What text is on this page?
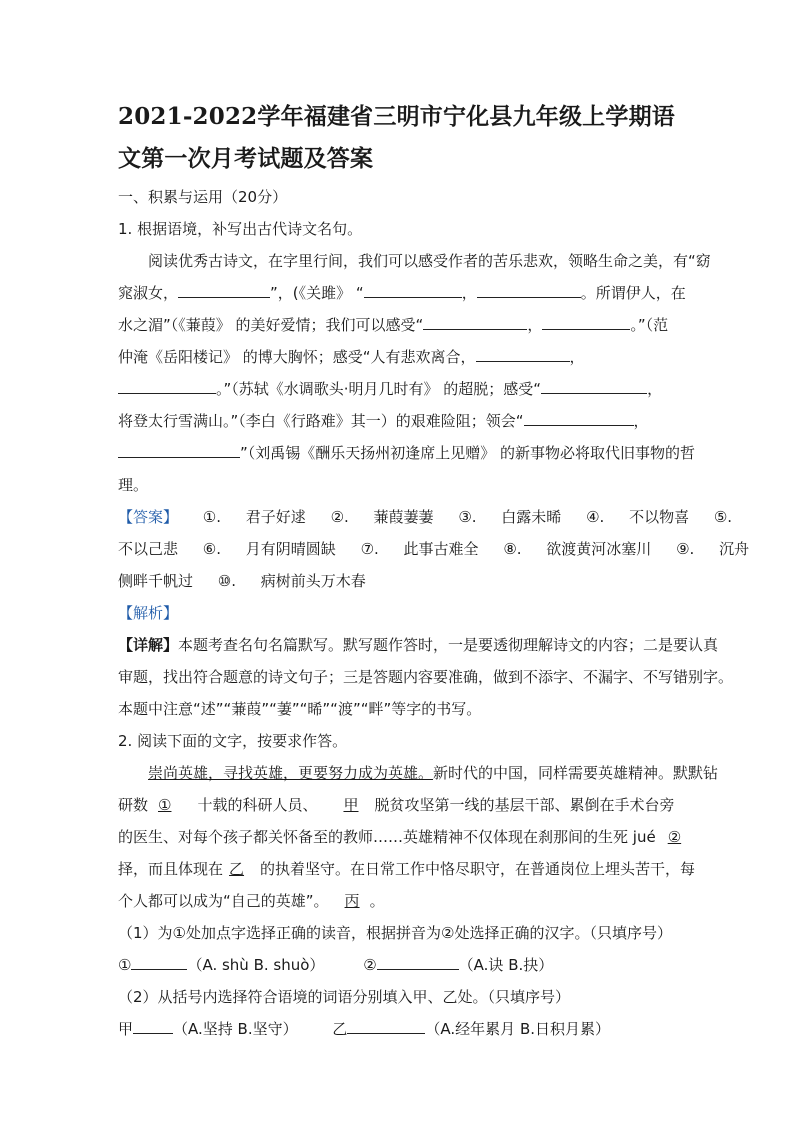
2021-2022学年福建省三明市宁化县九年级上学期语文第一次月考试题及答案
一、积累与运用（20分）
1. 根据语境，补写出古代诗文名句。
阅读优秀古诗文，在字里行间，我们可以感受作者的苦乐悲欢，领略生命之美，有“窈
窕淑女，	”，(《关雎》 “	，	。所谓伊人，在
水之湄”（《蒹葭》 的美好爱情；我们可以感受“	，	。”（范
仲淹《岳阳楼记》 的博大胸怀；感受“人有悲欢离合，	，
。”（苏轼《水调歌头·明月几时有》 的超脱；感受“	，
将登太行雪满山。”（李白《行路难》其一）的艰难险阻；领会“	，
”（刘禹锡《酬乐天扬州初逢席上见赠》 的新事物必将取代旧事物的哲
理。
【答案】 ①. 君子好逑 ②. 蒹葭萋萋 ③. 白露未晞 ④. 不以物喜 ⑤.
不以己悲 ⑥. 月有阴晴圆缺 ⑦. 此事古难全 ⑧. 欲渡黄河冰塞川 ⑨. 沉舟
侧畔千帆过 ⑩. 病树前头万木春
【解析】
【详解】本题考查名句名篇默写。默写题作答时，一是要透彻理解诗文的内容；二是要认真
审题，找出符合题意的诗文句子；三是答题内容要准确，做到不添字、不漏字、不写错别字。
本题中注意“述”“蒹葭”“萋”“晞”“渡”“畔”等字的书写。
2. 阅读下面的文字，按要求作答。
崇尚英雄，寻找英雄，更要努力成为英雄。新时代的中国，同样需要英雄精神。默默钻
研数 ① 十载的科研人员、 甲 脱贫攻坚第一线的基层干部、累倒在手术台旁
的医生、对每个孩子都关怀备至的教师……英雄精神不仅体现在刹那间的生死 jué ②
择，而且体现在 乙 的执着坚守。在日常工作中恪尽职守，在普通岗位上埋头苦干，每
个人都可以成为“自己的英雄”。 丙 。
（1）为①处加点字选择正确的读音，根据拼音为②处选择正确的汉字。（只填序号）
①	（A. shù B. shuò）	②	（A.诀 B.抉）
（2）从括号内选择符合语境的词语分别填入甲、乙处。（只填序号）
甲	（A.坚持 B.坚守） 乙	（A.经年累月 B.日积月累）
